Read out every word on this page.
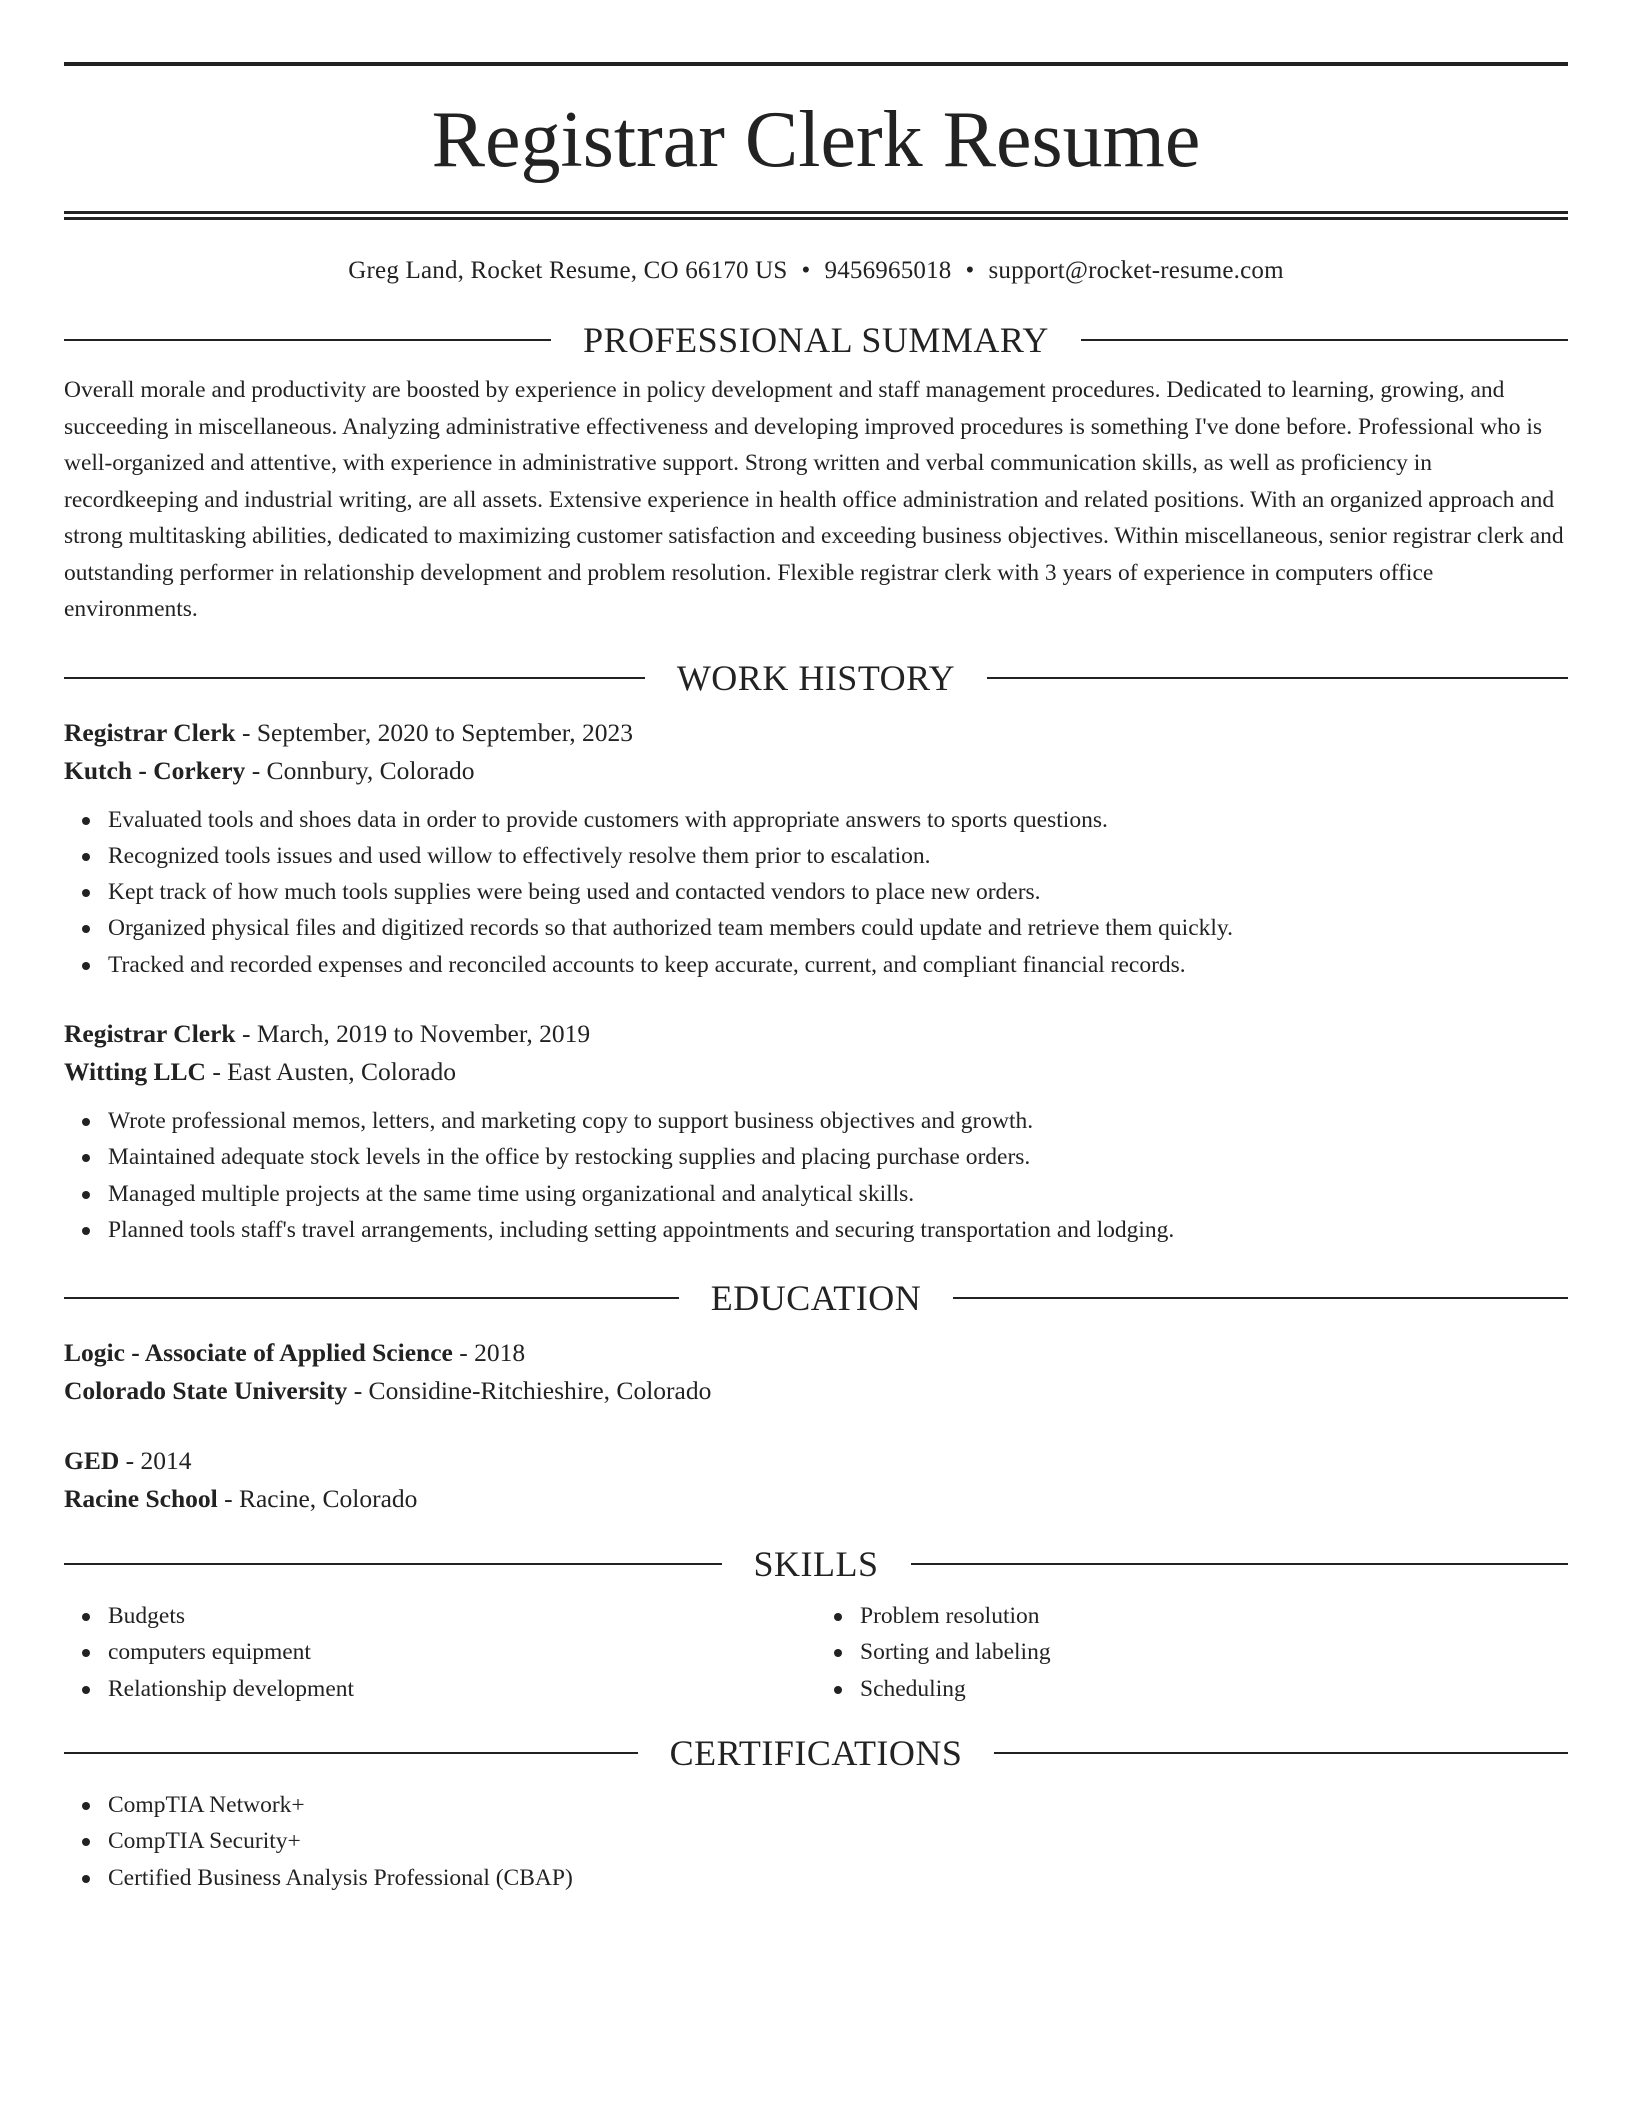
Registrar Clerk Resume
Greg Land, Rocket Resume, CO 66170 US • 9456965018 • support@rocket-resume.com
PROFESSIONAL SUMMARY

Overall morale and productivity are boosted by experience in policy development and staff management procedures. Dedicated to learning, growing, and succeeding in miscellaneous. Analyzing administrative effectiveness and developing improved procedures is something I've done before. Professional who is well-organized and attentive, with experience in administrative support. Strong written and verbal communication skills, as well as proficiency in recordkeeping and industrial writing, are all assets. Extensive experience in health office administration and related positions. With an organized approach and strong multitasking abilities, dedicated to maximizing customer satisfaction and exceeding business objectives. Within miscellaneous, senior registrar clerk and outstanding performer in relationship development and problem resolution. Flexible registrar clerk with 3 years of experience in computers office environments.

WORK HISTORY
Registrar Clerk - September, 2020 to September, 2023
Kutch - Corkery - Connbury, Colorado
Evaluated tools and shoes data in order to provide customers with appropriate answers to sports questions.
Recognized tools issues and used willow to effectively resolve them prior to escalation.
Kept track of how much tools supplies were being used and contacted vendors to place new orders.
Organized physical files and digitized records so that authorized team members could update and retrieve them quickly.
Tracked and recorded expenses and reconciled accounts to keep accurate, current, and compliant financial records.
Registrar Clerk - March, 2019 to November, 2019
Witting LLC - East Austen, Colorado
Wrote professional memos, letters, and marketing copy to support business objectives and growth.
Maintained adequate stock levels in the office by restocking supplies and placing purchase orders.
Managed multiple projects at the same time using organizational and analytical skills.
Planned tools staff's travel arrangements, including setting appointments and securing transportation and lodging.
EDUCATION
Logic - Associate of Applied Science - 2018
Colorado State University - Considine-Ritchieshire, Colorado
GED - 2014
Racine School - Racine, Colorado
SKILLS
Budgets
computers equipment
Relationship development
Problem resolution
Sorting and labeling
Scheduling
CERTIFICATIONS
CompTIA Network+
CompTIA Security+
Certified Business Analysis Professional (CBAP)
